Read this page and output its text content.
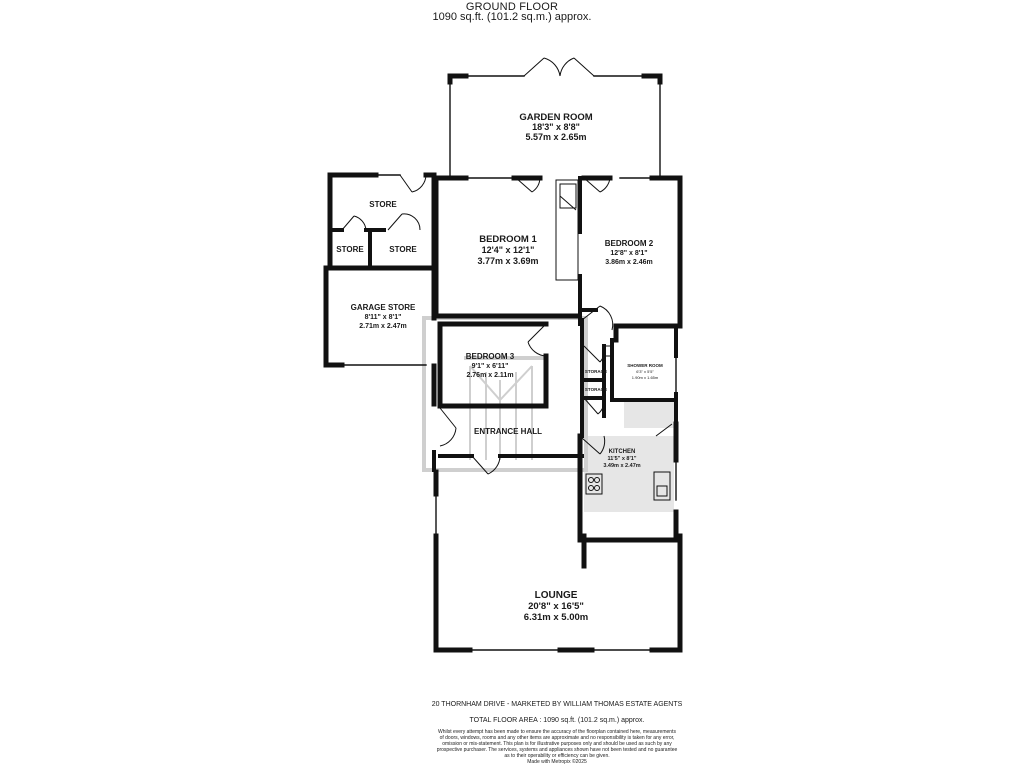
GROUND FLOOR
1090 sq.ft. (101.2 sq.m.) approx.
GARDEN ROOM
18'3" x 8'8"
5.57m x 2.65m
STORE
STORE	STORE
BEDROOM 1
12'4" x 12'1"
3.77m x 3.69m
BEDROOM 2
12'8" x 8'1"
3.86m x 2.46m
GARAGE STORE
8'11" x 8'1"
2.71m x 2.47m
BEDROOM 3
9'1" x 6'11"
2.76m x 2.11m
SHOWER ROOM
6'3" x 5'5"
1.90m x 1.65m
STORAGE
STORAGE
ENTRANCE HALL
KITCHEN
11'5" x 8'1"
3.49m x 2.47m
LOUNGE
20'8" x 16'5"
6.31m x 5.00m
20 THORNHAM DRIVE - MARKETED BY WILLIAM THOMAS ESTATE AGENTS
TOTAL FLOOR AREA : 1090 sq.ft. (101.2 sq.m.) approx.
Whilst every attempt has been made to ensure the accuracy of the floorplan contained here, measurements
of doors, windows, rooms and any other items are approximate and no responsibility is taken for any error,
omission or mis-statement. This plan is for illustrative purposes only and should be used as such by any
prospective purchaser. The services, systems and appliances shown have not been tested and no guarantee
as to their operability or efficiency can be given.
Made with Metropix ©2025
